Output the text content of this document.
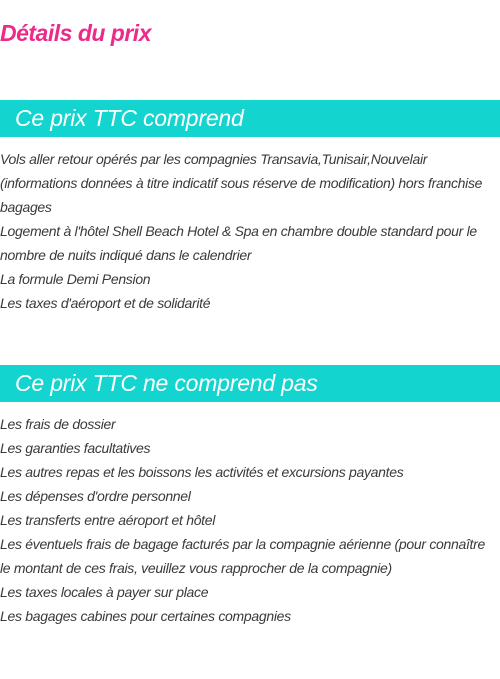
Détails du prix
Ce prix TTC comprend
Vols aller retour opérés par les compagnies Transavia,Tunisair,Nouvelair (informations données à titre indicatif sous réserve de modification) hors franchise bagages
Logement à l'hôtel Shell Beach Hotel & Spa en chambre double standard pour le nombre de nuits indiqué dans le calendrier
La formule Demi Pension
Les taxes d'aéroport et de solidarité
Ce prix TTC ne comprend pas
Les frais de dossier
Les garanties facultatives
Les autres repas et les boissons les activités et excursions payantes
Les dépenses d'ordre personnel
Les transferts entre aéroport et hôtel
Les éventuels frais de bagage facturés par la compagnie aérienne (pour connaître le montant de ces frais, veuillez vous rapprocher de la compagnie)
Les taxes locales à payer sur place
Les bagages cabines pour certaines compagnies
